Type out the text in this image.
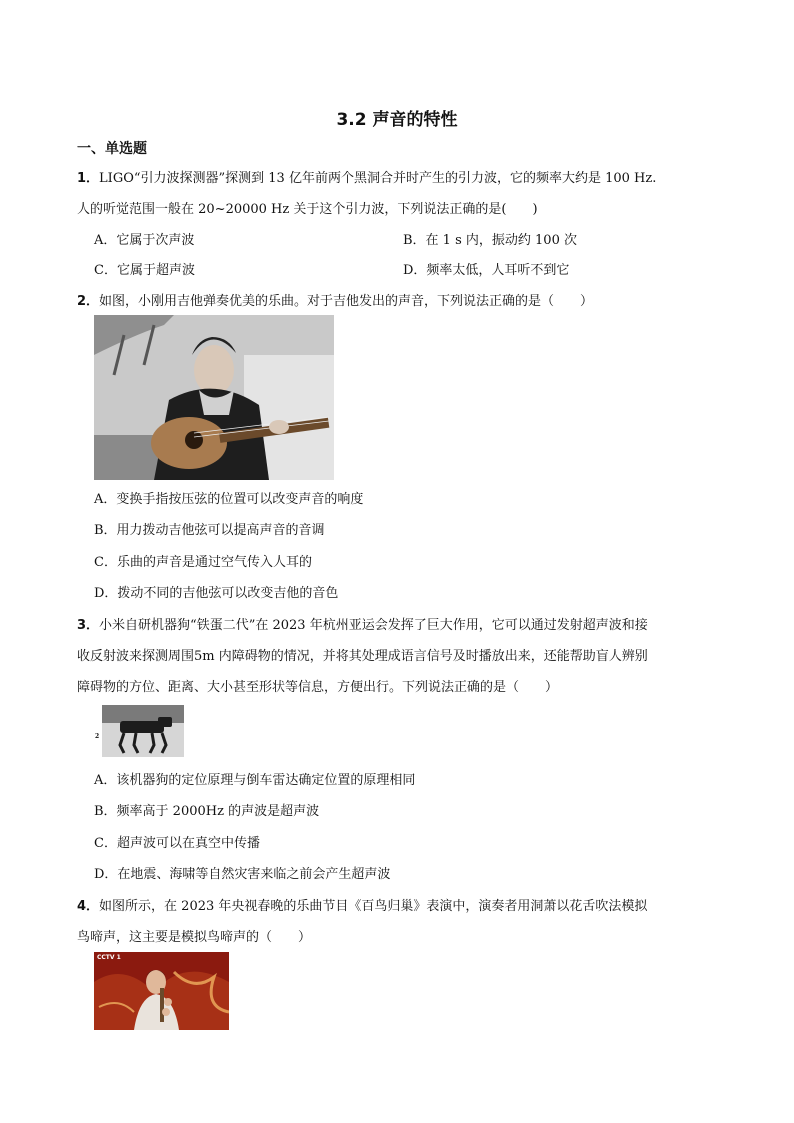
3.2 声音的特性
一、单选题
1．LIGO“引力波探测器”探测到 13 亿年前两个黑洞合并时产生的引力波，它的频率大约是 100 Hz.
人的听觉范围一般在 20~20000 Hz 关于这个引力波，下列说法正确的是(　　)
A．它属于次声波	B．在 1 s 内，振动约 100 次
C．它属于超声波	D．频率太低，人耳听不到它
2．如图，小刚用吉他弹奏优美的乐曲。对于吉他发出的声音，下列说法正确的是（　　）
A．变换手指按压弦的位置可以改变声音的响度
B．用力拨动吉他弦可以提高声音的音调
C．乐曲的声音是通过空气传入人耳的
D．拨动不同的吉他弦可以改变吉他的音色
3．小米自研机器狗“铁蛋二代”在 2023 年杭州亚运会发挥了巨大作用，它可以通过发射超声波和接
收反射波来探测周围5m 内障碍物的情况，并将其处理成语言信号及时播放出来，还能帮助盲人辨别
障碍物的方位、距离、大小甚至形状等信息，方便出行。下列说法正确的是（　　）
2
A．该机器狗的定位原理与倒车雷达确定位置的原理相同
B．频率高于 2000Hz 的声波是超声波
C．超声波可以在真空中传播
D．在地震、海啸等自然灾害来临之前会产生超声波
4．如图所示，在 2023 年央视春晚的乐曲节目《百鸟归巢》表演中，演奏者用洞萧以花舌吹法模拟
鸟啼声，这主要是模拟鸟啼声的（　　）
CCTV 1
